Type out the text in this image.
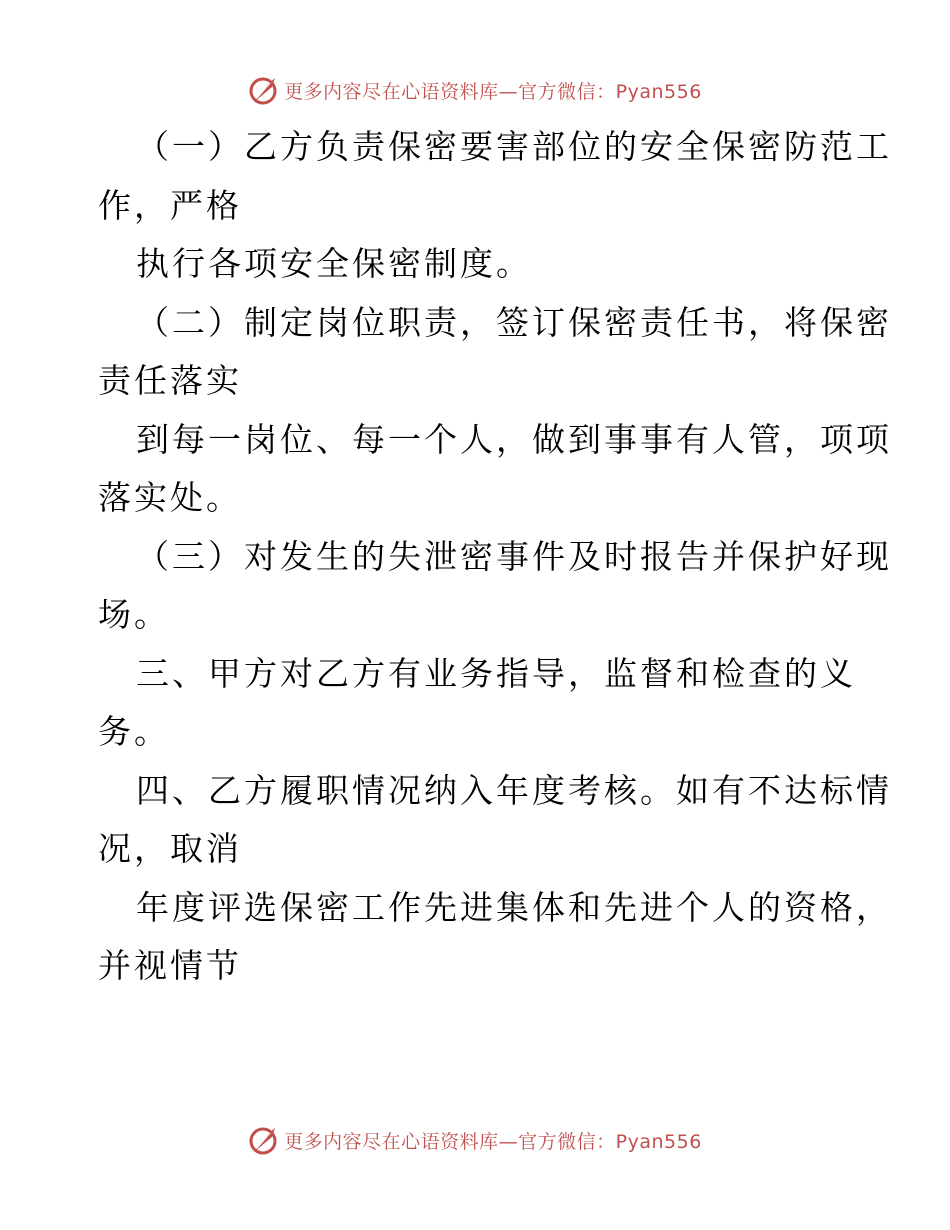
更多内容尽在心语资料库—官方微信：Pyan556
（一）乙方负责保密要害部位的安全保密防范工
作，严格
执行各项安全保密制度。
（二）制定岗位职责，签订保密责任书，将保密
责任落实
到每一岗位、每一个人，做到事事有人管，项项
落实处。
（三）对发生的失泄密事件及时报告并保护好现
场。
三、甲方对乙方有业务指导，监督和检查的义
务。
四、乙方履职情况纳入年度考核。如有不达标情
况，取消
年度评选保密工作先进集体和先进个人的资格，
并视情节
更多内容尽在心语资料库—官方微信：Pyan556
